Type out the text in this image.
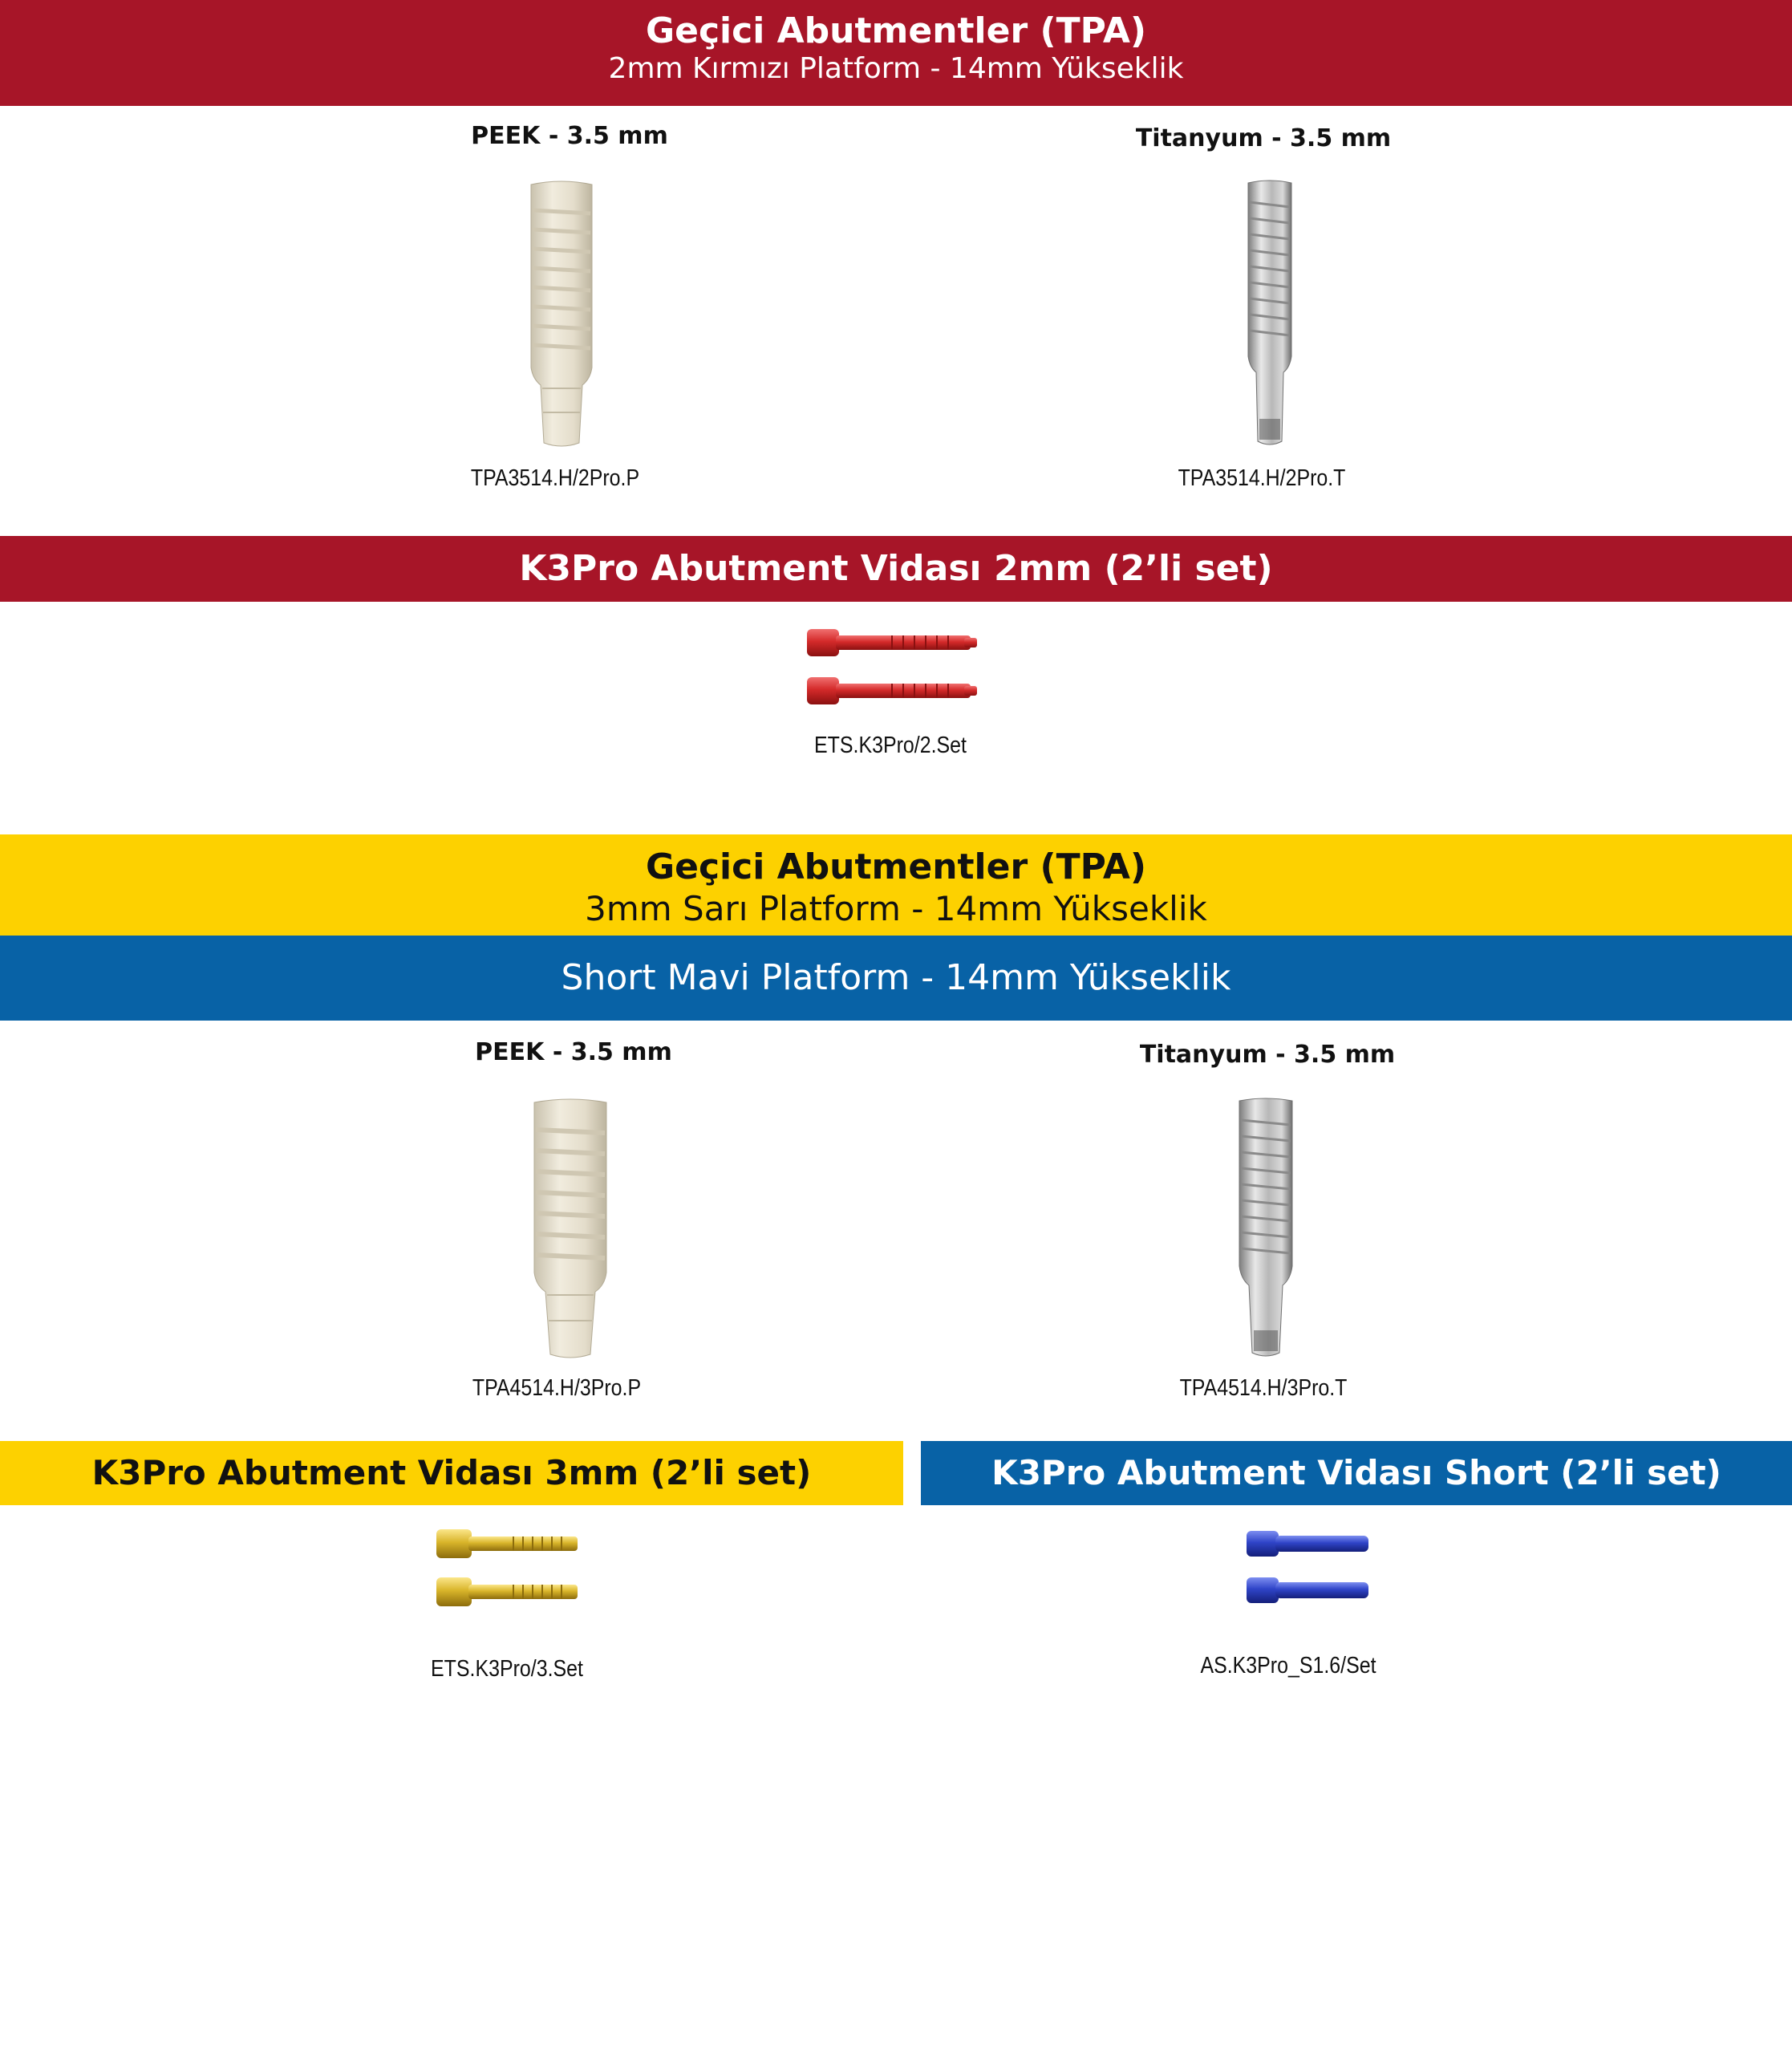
Geçici Abutmentler (TPA)
2mm Kırmızı Platform - 14mm Yükseklik
PEEK - 3.5 mm	Titanyum - 3.5 mm
TPA3514.H/2Pro.P	TPA3514.H/2Pro.T
K3Pro Abutment Vidası 2mm (2’li set)
ETS.K3Pro/2.Set
Geçici Abutmentler (TPA)
3mm Sarı Platform - 14mm Yükseklik
Short Mavi Platform - 14mm Yükseklik
PEEK - 3.5 mm	Titanyum - 3.5 mm
TPA4514.H/3Pro.P	TPA4514.H/3Pro.T
K3Pro Abutment Vidası 3mm (2’li set)	K3Pro Abutment Vidası Short (2’li set)
ETS.K3Pro/3.Set	AS.K3Pro_S1.6/Set
